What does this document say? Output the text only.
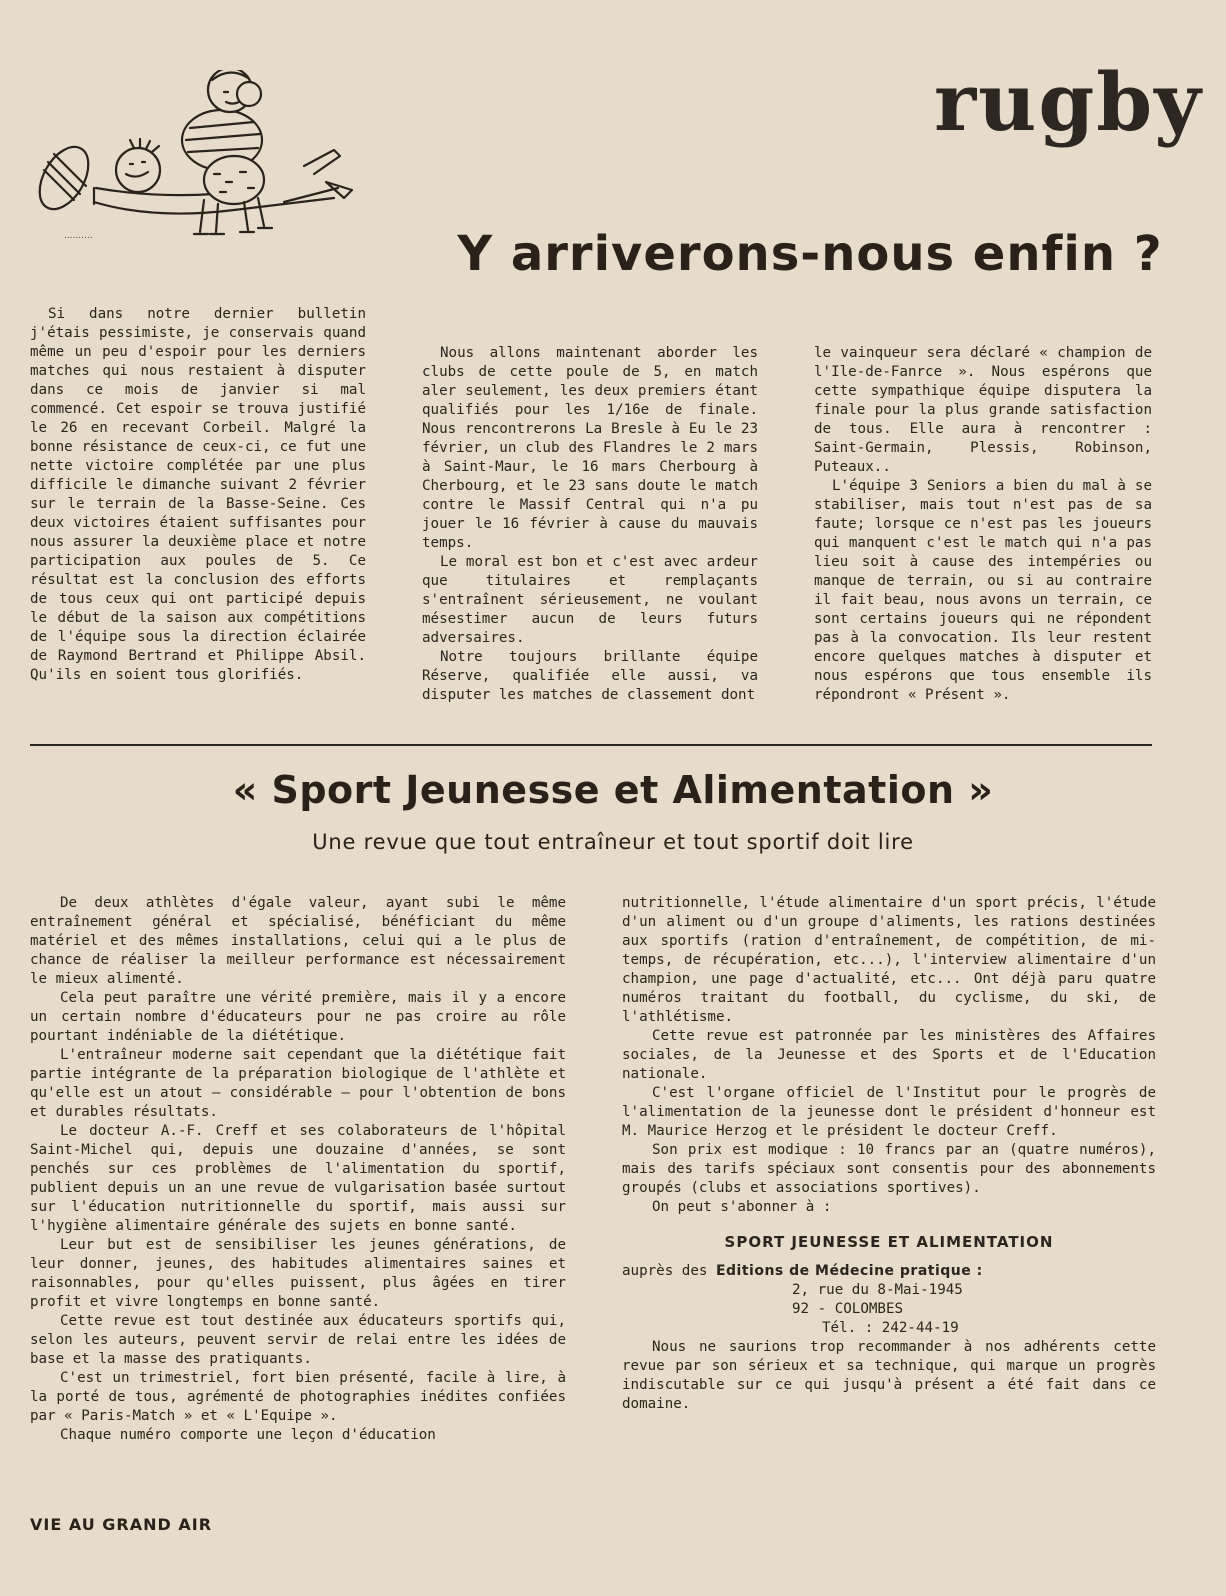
..........
rugby
Y arriverons-nous enfin ?

Si dans notre dernier bulletin j'étais pessimiste, je conservais quand même un peu d'espoir pour les derniers matches qui nous restaient à disputer dans ce mois de janvier si mal commencé. Cet espoir se trouva justifié le 26 en recevant Corbeil. Malgré la bonne résistance de ceux-ci, ce fut une nette victoire complétée par une plus difficile le dimanche suivant 2 février sur le terrain de la Basse-Seine. Ces deux victoires étaient suffisantes pour nous assurer la deuxième place et notre participation aux poules de 5. Ce résultat est la conclusion des efforts de tous ceux qui ont participé depuis le début de la saison aux compétitions de l'équipe sous la direction éclairée de Raymond Bertrand et Philippe Absil. Qu'ils en soient tous glorifiés.

Nous allons maintenant aborder les clubs de cette poule de 5, en match aler seulement, les deux premiers étant qualifiés pour les 1/16e de finale. Nous rencontrerons La Bresle à Eu le 23 février, un club des Flandres le 2 mars à Saint-Maur, le 16 mars Cherbourg à Cherbourg, et le 23 sans doute le match contre le Massif Central qui n'a pu jouer le 16 février à cause du mauvais temps.

Le moral est bon et c'est avec ardeur que titulaires et remplaçants s'entraînent sérieusement, ne voulant mésestimer aucun de leurs futurs adversaires.

Notre toujours brillante équipe Réserve, qualifiée elle aussi, va disputer les matches de classement dont

le vainqueur sera déclaré « champion de l'Ile-de-Fanrce ». Nous espérons que cette sympathique équipe disputera la finale pour la plus grande satisfaction de tous. Elle aura à rencontrer : Saint-Germain, Plessis, Robinson, Puteaux..

L'équipe 3 Seniors a bien du mal à se stabiliser, mais tout n'est pas de sa faute; lorsque ce n'est pas les joueurs qui manquent c'est le match qui n'a pas lieu soit à cause des intempéries ou manque de terrain, ou si au contraire il fait beau, nous avons un terrain, ce sont certains joueurs qui ne répondent pas à la convocation. Ils leur restent encore quelques matches à disputer et nous espérons que tous ensemble ils répondront « Présent ».

« Sport Jeunesse et Alimentation »
Une revue que tout entraîneur et tout sportif doit lire

De deux athlètes d'égale valeur, ayant subi le même entraînement général et spécialisé, bénéficiant du même matériel et des mêmes installations, celui qui a le plus de chance de réaliser la meilleur performance est nécessairement le mieux alimenté.

Cela peut paraître une vérité première, mais il y a encore un certain nombre d'éducateurs pour ne pas croire au rôle pourtant indéniable de la diététique.

L'entraîneur moderne sait cependant que la diététique fait partie intégrante de la préparation biologique de l'athlète et qu'elle est un atout — considérable — pour l'obtention de bons et durables résultats.

Le docteur A.-F. Creff et ses colaborateurs de l'hôpital Saint-Michel qui, depuis une douzaine d'années, se sont penchés sur ces problèmes de l'alimentation du sportif, publient depuis un an une revue de vulgarisation basée surtout sur l'éducation nutritionnelle du sportif, mais aussi sur l'hygiène alimentaire générale des sujets en bonne santé.

Leur but est de sensibiliser les jeunes générations, de leur donner, jeunes, des habitudes alimentaires saines et raisonnables, pour qu'elles puissent, plus âgées en tirer profit et vivre longtemps en bonne santé.

Cette revue est tout destinée aux éducateurs sportifs qui, selon les auteurs, peuvent servir de relai entre les idées de base et la masse des pratiquants.

C'est un trimestriel, fort bien présenté, facile à lire, à la porté de tous, agrémenté de photographies inédites confiées par « Paris-Match » et « L'Equipe ».

Chaque numéro comporte une leçon d'éducation

nutritionnelle, l'étude alimentaire d'un sport précis, l'étude d'un aliment ou d'un groupe d'aliments, les rations destinées aux sportifs (ration d'entraînement, de compétition, de mi-temps, de récupération, etc...), l'interview alimentaire d'un champion, une page d'actualité, etc... Ont déjà paru quatre numéros traitant du football, du cyclisme, du ski, de l'athlétisme.

Cette revue est patronnée par les ministères des Affaires sociales, de la Jeunesse et des Sports et de l'Education nationale.

C'est l'organe officiel de l'Institut pour le progrès de l'alimentation de la jeunesse dont le président d'honneur est M. Maurice Herzog et le président le docteur Creff.

Son prix est modique : 10 francs par an (quatre numéros), mais des tarifs spéciaux sont consentis pour des abonnements groupés (clubs et associations sportives).

On peut s'abonner à :

SPORT JEUNESSE ET ALIMENTATION
auprès des Editions de Médecine pratique :
2, rue du 8-Mai-1945
92 - COLOMBES
Tél. : 242-44-19

Nous ne saurions trop recommander à nos adhérents cette revue par son sérieux et sa technique, qui marque un progrès indiscutable sur ce qui jusqu'à présent a été fait dans ce domaine.

VIE AU GRAND AIR
